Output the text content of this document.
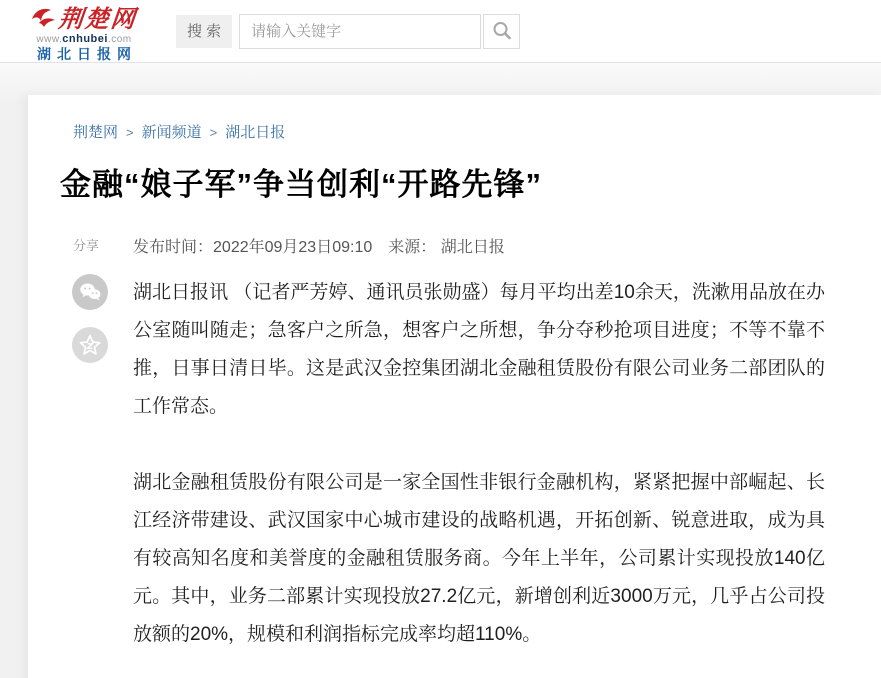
荆楚网
www.cnhubei.com
湖北日报网
搜 索
请输入关键字
荆楚网 > 新闻频道 > 湖北日报
金融“娘子军”争当创利“开路先锋”
分享	发布时间：2022年09月23日09:10 来源： 湖北日报

湖北日报讯 （记者严芳婷、通讯员张勋盛）每月平均出差10余天，洗漱用品放在办公室随叫随走；急客户之所急，想客户之所想，争分夺秒抢项目进度；不等不靠不推，日事日清日毕。这是武汉金控集团湖北金融租赁股份有限公司业务二部团队的工作常态。

湖北金融租赁股份有限公司是一家全国性非银行金融机构，紧紧把握中部崛起、长江经济带建设、武汉国家中心城市建设的战略机遇，开拓创新、锐意进取，成为具有较高知名度和美誉度的金融租赁服务商。今年上半年，公司累计实现投放140亿元。其中，业务二部累计实现投放27.2亿元，新增创利近3000万元，几乎占公司投放额的20%，规模和利润指标完成率均超110%。
